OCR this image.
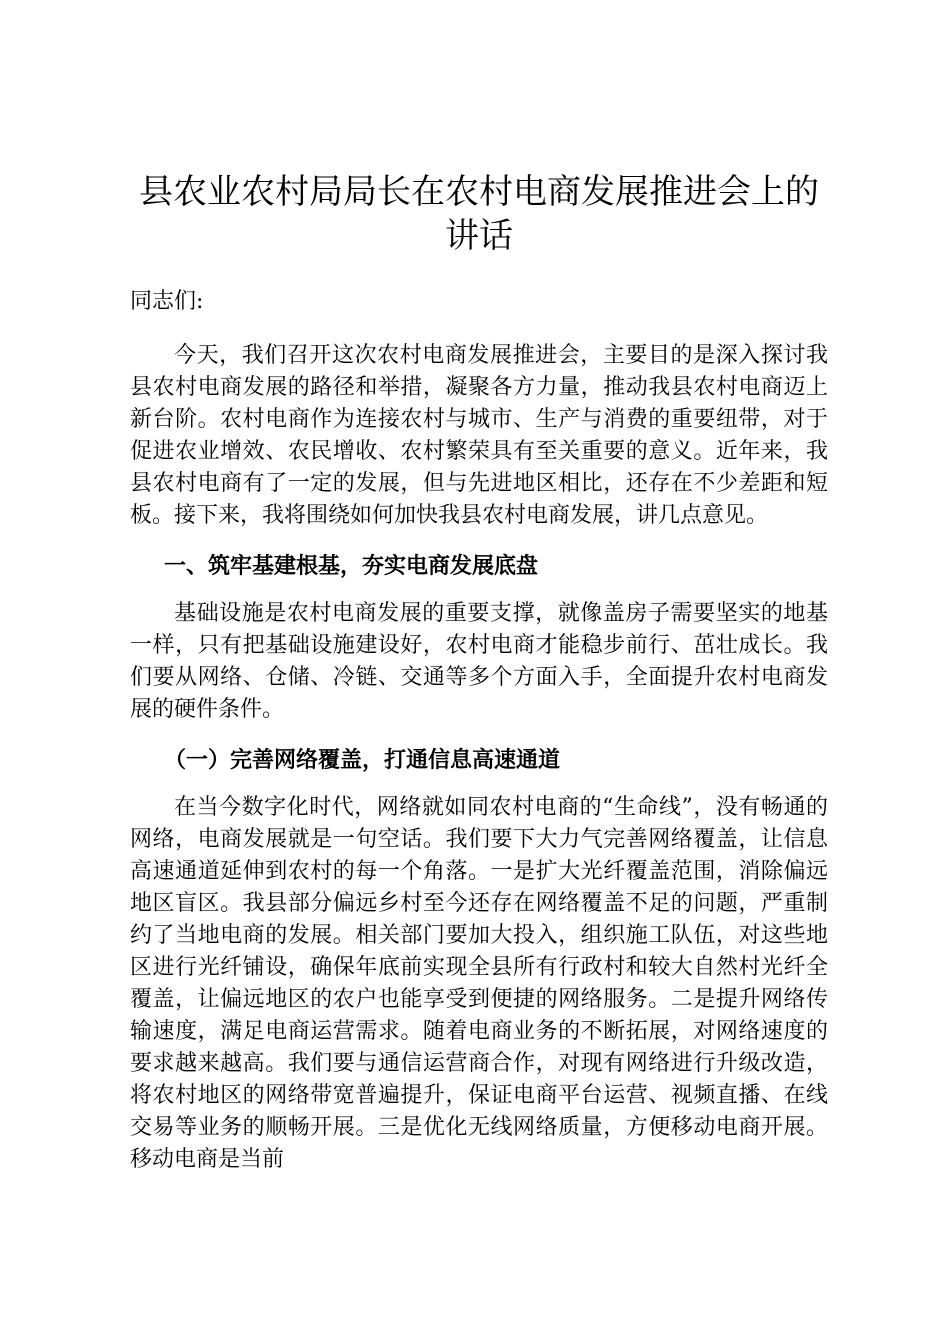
县农业农村局局长在农村电商发展推进会上的讲话

同志们:

今天，我们召开这次农村电商发展推进会，主要目的是深入探讨我县农村电商发展的路径和举措，凝聚各方力量，推动我县农村电商迈上新台阶。农村电商作为连接农村与城市、生产与消费的重要纽带，对于促进农业增效、农民增收、农村繁荣具有至关重要的意义。近年来，我县农村电商有了一定的发展，但与先进地区相比，还存在不少差距和短板。接下来，我将围绕如何加快我县农村电商发展，讲几点意见。

一、筑牢基建根基，夯实电商发展底盘

基础设施是农村电商发展的重要支撑，就像盖房子需要坚实的地基一样，只有把基础设施建设好，农村电商才能稳步前行、茁壮成长。我们要从网络、仓储、冷链、交通等多个方面入手，全面提升农村电商发展的硬件条件。

（一）完善网络覆盖，打通信息高速通道

在当今数字化时代，网络就如同农村电商的“生命线”，没有畅通的网络，电商发展就是一句空话。我们要下大力气完善网络覆盖，让信息高速通道延伸到农村的每一个角落。一是扩大光纤覆盖范围，消除偏远地区盲区。我县部分偏远乡村至今还存在网络覆盖不足的问题，严重制约了当地电商的发展。相关部门要加大投入，组织施工队伍，对这些地区进行光纤铺设，确保年底前实现全县所有行政村和较大自然村光纤全覆盖，让偏远地区的农户也能享受到便捷的网络服务。二是提升网络传输速度，满足电商运营需求。随着电商业务的不断拓展，对网络速度的要求越来越高。我们要与通信运营商合作，对现有网络进行升级改造，将农村地区的网络带宽普遍提升，保证电商平台运营、视频直播、在线交易等业务的顺畅开展。三是优化无线网络质量，方便移动电商开展。移动电商是当前
